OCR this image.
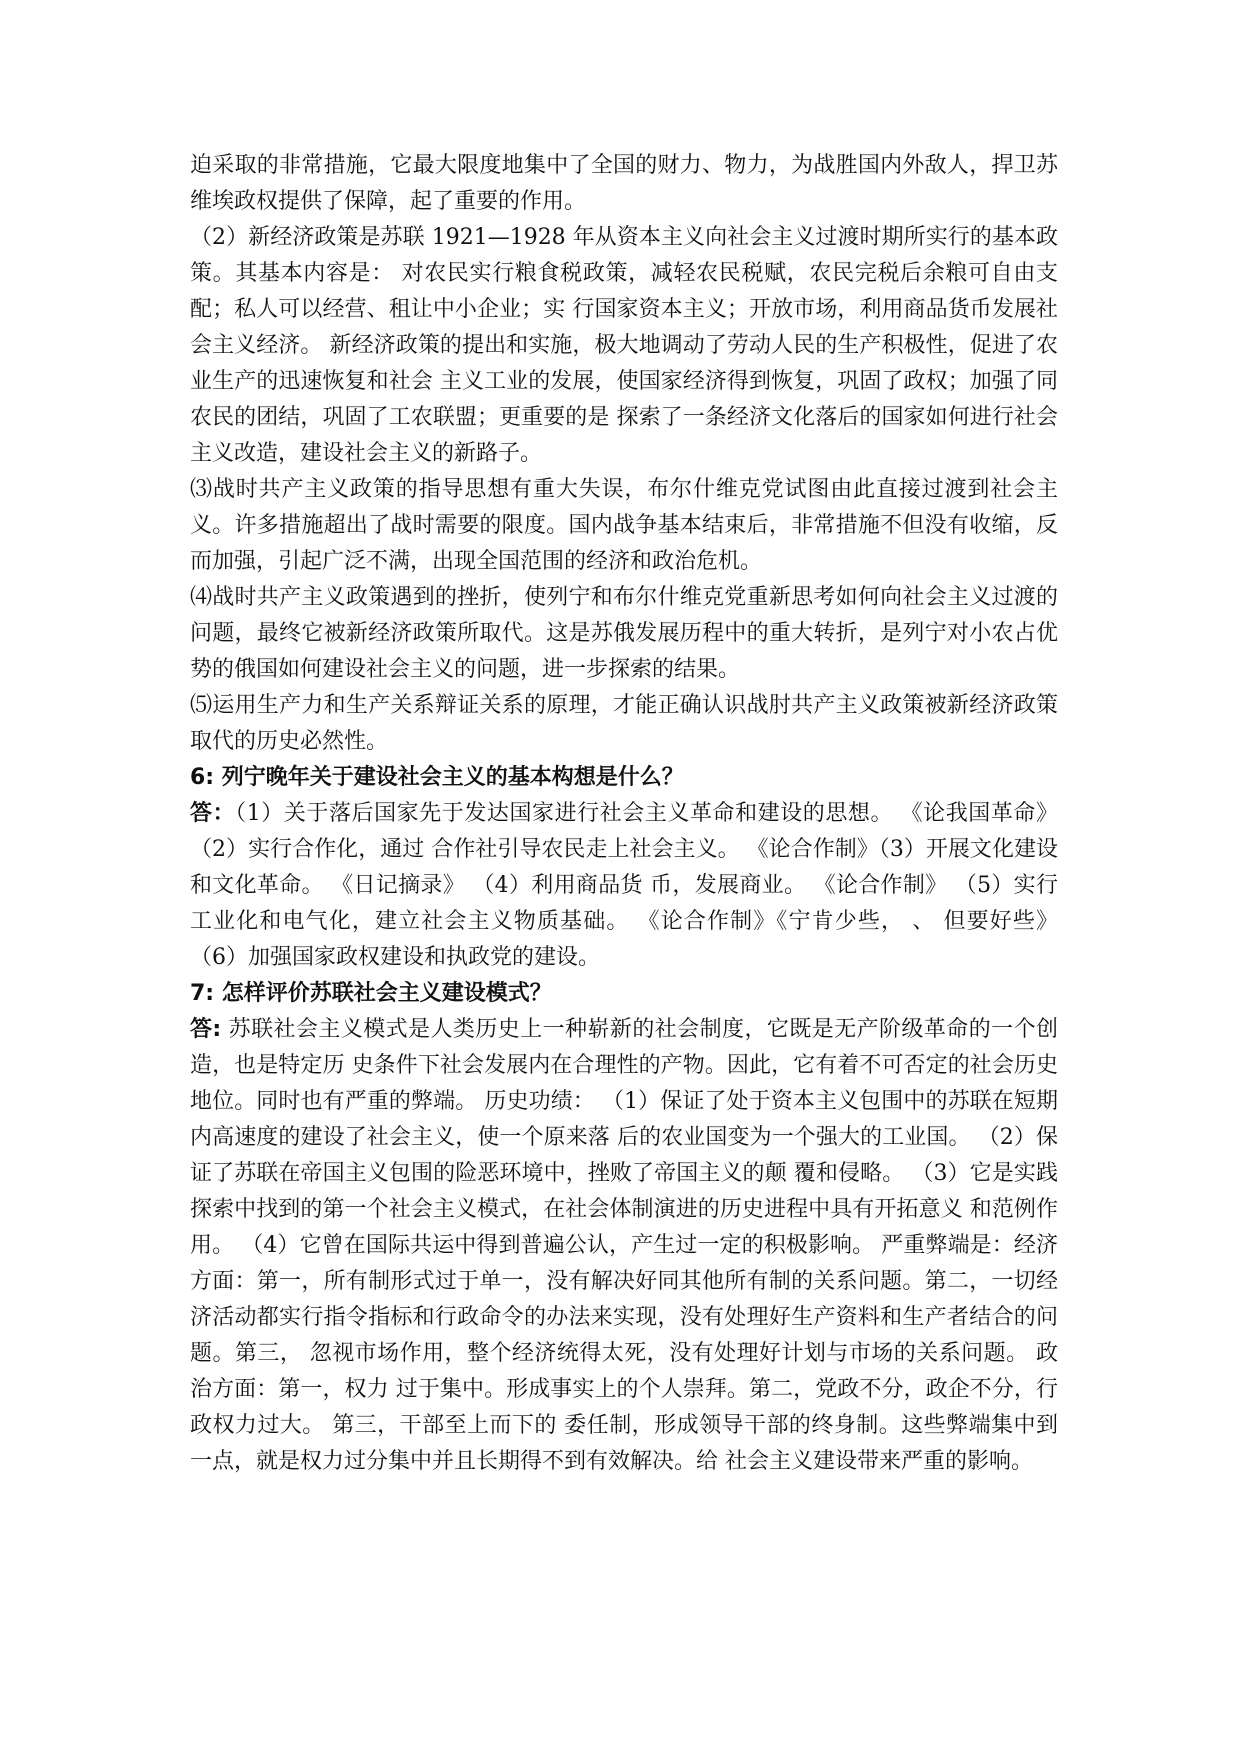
迫采取的非常措施，它最大限度地集中了全国的财力、物力，为战胜国内外敌人，捍卫苏维埃政权提供了保障，起了重要的作用。

（2）新经济政策是苏联 1921—1928 年从资本主义向社会主义过渡时期所实行的基本政策。其基本内容是： 对农民实行粮食税政策，减轻农民税赋，农民完税后余粮可自由支配；私人可以经营、租让中小企业；实 行国家资本主义；开放市场，利用商品货币发展社会主义经济。 新经济政策的提出和实施，极大地调动了劳动人民的生产积极性，促进了农业生产的迅速恢复和社会 主义工业的发展，使国家经济得到恢复，巩固了政权；加强了同农民的团结，巩固了工农联盟；更重要的是 探索了一条经济文化落后的国家如何进行社会主义改造，建设社会主义的新路子。

⑶战时共产主义政策的指导思想有重大失误，布尔什维克党试图由此直接过渡到社会主义。许多措施超出了战时需要的限度。国内战争基本结束后，非常措施不但没有收缩，反而加强，引起广泛不满，出现全国范围的经济和政治危机。

⑷战时共产主义政策遇到的挫折，使列宁和布尔什维克党重新思考如何向社会主义过渡的问题，最终它被新经济政策所取代。这是苏俄发展历程中的重大转折，是列宁对小农占优势的俄国如何建设社会主义的问题，进一步探索的结果。

⑸运用生产力和生产关系辩证关系的原理，才能正确认识战肘共产主义政策被新经济政策取代的历史必然性。

6: 列宁晚年关于建设社会主义的基本构想是什么？

答：（1）关于落后国家先于发达国家进行社会主义革命和建设的思想。 《论我国革命》 （2）实行合作化，通过 合作社引导农民走上社会主义。 《论合作制》（3）开展文化建设和文化革命。 《日记摘录》 （4）利用商品货 币，发展商业。 《论合作制》 （5）实行工业化和电气化，建立社会主义物质基础。 《论合作制》《宁肯少些， 、 但要好些》 （6）加强国家政权建设和执政党的建设。

7: 怎样评价苏联社会主义建设模式？

答: 苏联社会主义模式是人类历史上一种崭新的社会制度，它既是无产阶级革命的一个创造，也是特定历 史条件下社会发展内在合理性的产物。因此，它有着不可否定的社会历史地位。同时也有严重的弊端。 历史功绩： （1）保证了处于资本主义包围中的苏联在短期内高速度的建设了社会主义，使一个原来落 后的农业国变为一个强大的工业国。 （2）保证了苏联在帝国主义包围的险恶环境中，挫败了帝国主义的颠 覆和侵略。 （3）它是实践探索中找到的第一个社会主义模式，在社会体制演进的历史进程中具有开拓意义 和范例作用。 （4）它曾在国际共运中得到普遍公认，产生过一定的积极影响。 严重弊端是：经济方面：第一，所有制形式过于单一，没有解决好同其他所有制的关系问题。第二，一切经济活动都实行指令指标和行政命令的办法来实现，没有处理好生产资料和生产者结合的问题。第三， 忽视市场作用，整个经济统得太死，没有处理好计划与市场的关系问题。 政治方面：第一，权力 过于集中。形成事实上的个人崇拜。第二，党政不分，政企不分，行政权力过大。 第三，干部至上而下的 委任制，形成领导干部的终身制。这些弊端集中到一点，就是权力过分集中并且长期得不到有效解决。给 社会主义建设带来严重的影响。
